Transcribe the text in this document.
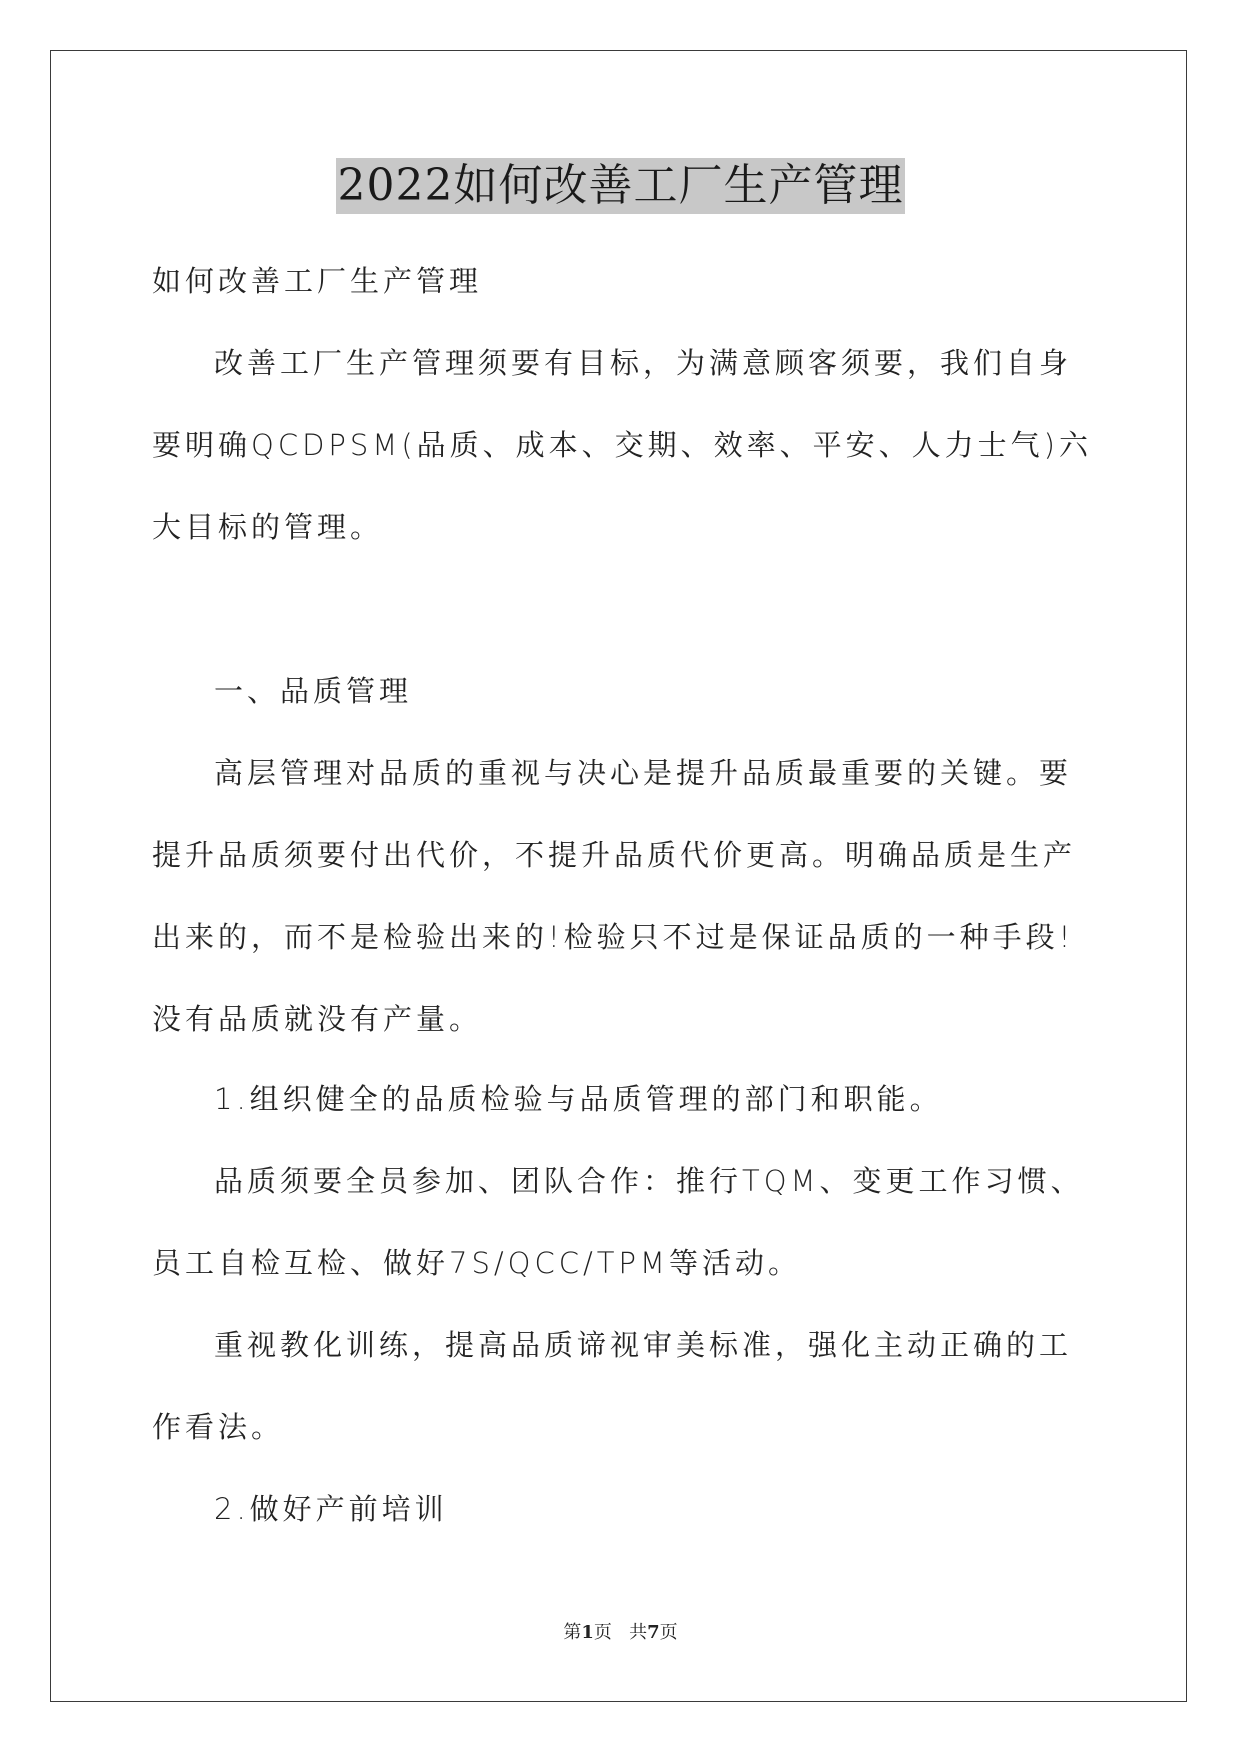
2022如何改善工厂生产管理

如何改善工厂生产管理

改善工厂生产管理须要有目标，为满意顾客须要，我们自身要明确QCDPSM(品质、成本、交期、效率、平安、人力士气)六大目标的管理。

一、品质管理

高层管理对品质的重视与决心是提升品质最重要的关键。要提升品质须要付出代价，不提升品质代价更高。明确品质是生产出来的，而不是检验出来的!检验只不过是保证品质的一种手段!没有品质就没有产量。

1.组织健全的品质检验与品质管理的部门和职能。

品质须要全员参加、团队合作：推行TQM、变更工作习惯、员工自检互检、做好7S/QCC/TPM等活动。

重视教化训练，提高品质谛视审美标准，强化主动正确的工作看法。

2.做好产前培训

第1页 共7页
